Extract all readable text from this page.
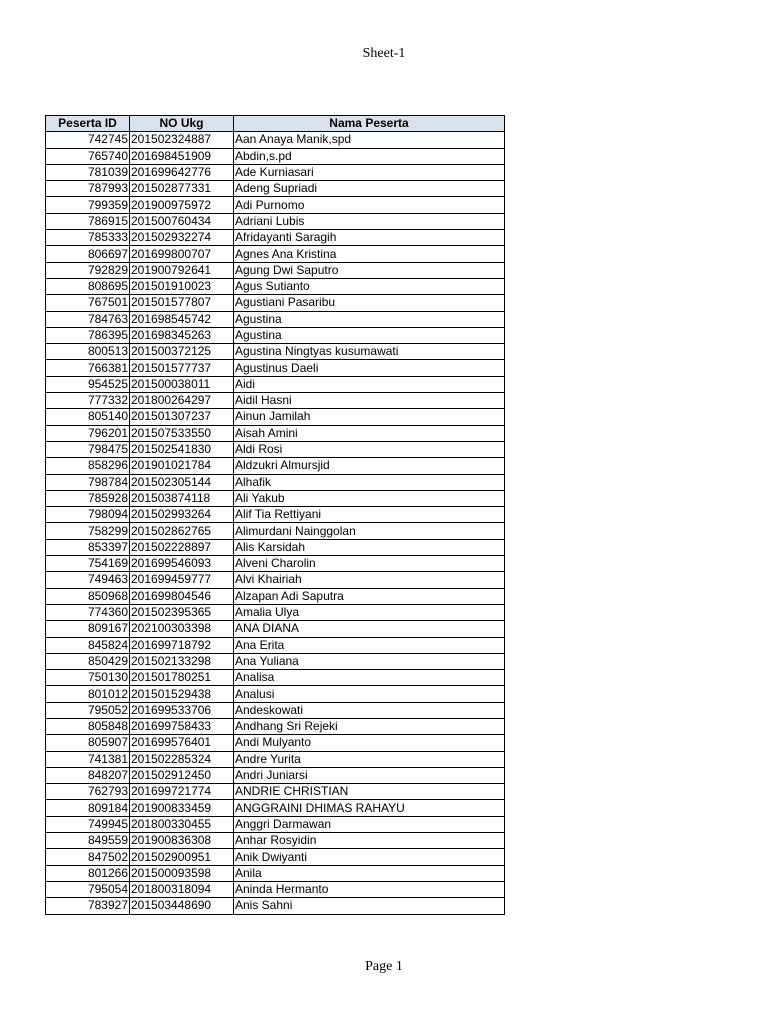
Sheet-1
Peserta ID	NO Ukg	Nama Peserta
742745	201502324887	Aan Anaya Manik,spd
765740	201698451909	Abdin,s.pd
781039	201699642776	Ade Kurniasari
787993	201502877331	Adeng Supriadi
799359	201900975972	Adi Purnomo
786915	201500760434	Adriani Lubis
785333	201502932274	Afridayanti Saragih
806697	201699800707	Agnes Ana Kristina
792829	201900792641	Agung Dwi Saputro
808695	201501910023	Agus Sutianto
767501	201501577807	Agustiani Pasaribu
784763	201698545742	Agustina
786395	201698345263	Agustina
800513	201500372125	Agustina Ningtyas kusumawati
766381	201501577737	Agustinus Daeli
954525	201500038011	Aidi
777332	201800264297	Aidil Hasni
805140	201501307237	Ainun Jamilah
796201	201507533550	Aisah Amini
798475	201502541830	Aldi Rosi
858296	201901021784	Aldzukri Almursjid
798784	201502305144	Alhafik
785928	201503874118	Ali Yakub
798094	201502993264	Alif Tia Rettiyani
758299	201502862765	Alimurdani Nainggolan
853397	201502228897	Alis Karsidah
754169	201699546093	Alveni Charolin
749463	201699459777	Alvi Khairiah
850968	201699804546	Alzapan Adi Saputra
774360	201502395365	Amalia Ulya
809167	202100303398	ANA DIANA
845824	201699718792	Ana Erita
850429	201502133298	Ana Yuliana
750130	201501780251	Analisa
801012	201501529438	Analusi
795052	201699533706	Andeskowati
805848	201699758433	Andhang Sri Rejeki
805907	201699576401	Andi Mulyanto
741381	201502285324	Andre Yurita
848207	201502912450	Andri Juniarsi
762793	201699721774	ANDRIE CHRISTIAN
809184	201900833459	ANGGRAINI DHIMAS RAHAYU
749945	201800330455	Anggri Darmawan
849559	201900836308	Anhar Rosyidin
847502	201502900951	Anik Dwiyanti
801266	201500093598	Anila
795054	201800318094	Aninda Hermanto
783927	201503448690	Anis Sahni
Page 1
